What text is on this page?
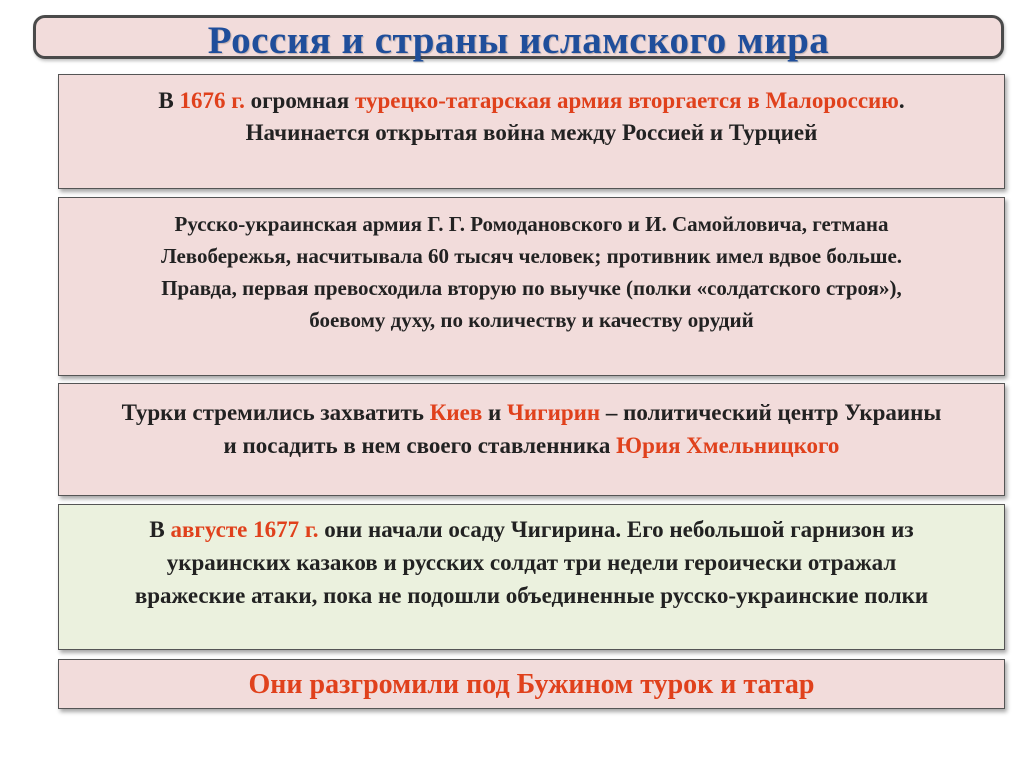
Россия и страны исламского мира

В 1676 г. огромная турецко-татарская армия вторгается в Малороссию. Начинается открытая война между Россией и Турцией

Русско-украинская армия Г. Г. Ромодановского и И. Самойловича, гетмана Левобережья, насчитывала 60 тысяч человек; противник имел вдвое больше. Правда, первая превосходила вторую по выучке (полки «солдатского строя»), боевому духу, по количеству и качеству орудий

Турки стремились захватить Киев и Чигирин – политический центр Украины и посадить в нем своего ставленника Юрия Хмельницкого

В августе 1677 г. они начали осаду Чигирина. Его небольшой гарнизон из украинских казаков и русских солдат три недели героически отражал вражеские атаки, пока не подошли объединенные русско-украинские полки

Они разгромили под Бужином турок и татар
